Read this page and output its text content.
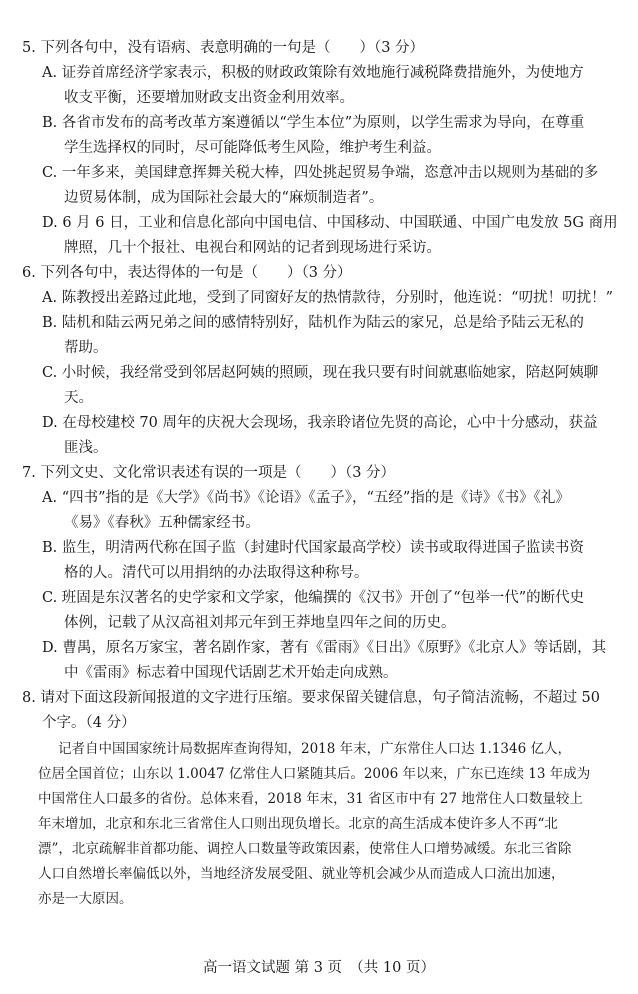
5. 下列各句中，没有语病、表意明确的一句是（　　）（3 分）
A. 证券首席经济学家表示，积极的财政政策除有效地施行减税降费措施外，为使地方
收支平衡，还要增加财政支出资金利用效率。
B. 各省市发布的高考改革方案遵循以“学生本位”为原则，以学生需求为导向，在尊重
学生选择权的同时，尽可能降低考生风险，维护考生利益。
C. 一年多来，美国肆意挥舞关税大棒，四处挑起贸易争端，恣意冲击以规则为基础的多
边贸易体制，成为国际社会最大的“麻烦制造者”。
D. 6 月 6 日，工业和信息化部向中国电信、中国移动、中国联通、中国广电发放 5G 商用
牌照，几十个报社、电视台和网站的记者到现场进行采访。
6. 下列各句中，表达得体的一句是（　　）（3 分）
A. 陈教授出差路过此地，受到了同窗好友的热情款待，分别时，他连说：“叨扰！叨扰！”
B. 陆机和陆云两兄弟之间的感情特别好，陆机作为陆云的家兄，总是给予陆云无私的
帮助。
C. 小时候，我经常受到邻居赵阿姨的照顾，现在我只要有时间就惠临她家，陪赵阿姨聊
天。
D. 在母校建校 70 周年的庆祝大会现场，我亲聆诸位先贤的高论，心中十分感动，获益
匪浅。
7. 下列文史、文化常识表述有误的一项是（　　）（3 分）
A. “四书”指的是《大学》《尚书》《论语》《孟子》，“五经”指的是《诗》《书》《礼》
《易》《春秋》五种儒家经书。
B. 监生，明清两代称在国子监（封建时代国家最高学校）读书或取得进国子监读书资
格的人。清代可以用捐纳的办法取得这种称号。
C. 班固是东汉著名的史学家和文学家，他编撰的《汉书》开创了“包举一代”的断代史
体例，记载了从汉高祖刘邦元年到王莽地皇四年之间的历史。
D. 曹禺，原名万家宝，著名剧作家，著有《雷雨》《日出》《原野》《北京人》等话剧，其
中《雷雨》标志着中国现代话剧艺术开始走向成熟。
8. 请对下面这段新闻报道的文字进行压缩。要求保留关键信息，句子简洁流畅，不超过 50
个字。（4 分）
记者自中国国家统计局数据库查询得知，2018 年末，广东常住人口达 1.1346 亿人，
位居全国首位；山东以 1.0047 亿常住人口紧随其后。2006 年以来，广东已连续 13 年成为
中国常住人口最多的省份。总体来看，2018 年末，31 省区市中有 27 地常住人口数量较上
年末增加，北京和东北三省常住人口则出现负增长。北京的高生活成本使许多人不再“北
漂”，北京疏解非首都功能、调控人口数量等政策因素，使常住人口增势减缓。东北三省除
人口自然增长率偏低以外，当地经济发展受阻、就业等机会减少从而造成人口流出加速，
亦是一大原因。
高一语文试题 第 3 页　（共 10 页）
